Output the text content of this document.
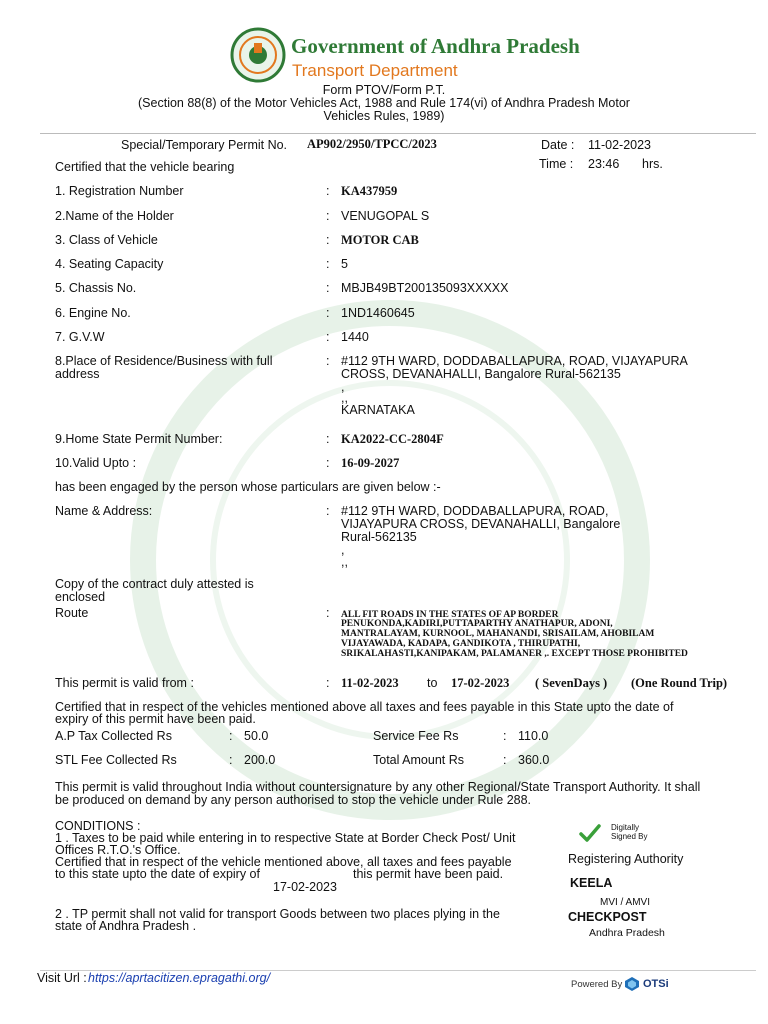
Government of Andhra Pradesh
Transport Department
Form PTOV/Form P.T.
(Section 88(8) of the Motor Vehicles Act, 1988 and Rule 174(vi) of Andhra Pradesh Motor
Vehicles Rules, 1989)
Special/Temporary Permit No. AP902/2950/TPCC/2023	Date : 11-02-2023
Time : 23:46 hrs.
Certified that the vehicle bearing
1. Registration Number	: KA437959
2.Name of the Holder	: VENUGOPAL S
3. Class of Vehicle	: MOTOR CAB
4. Seating Capacity	: 5
5. Chassis No.	: MBJB49BT200135093XXXXX
6. Engine No.	: 1ND1460645
7. G.V.W	: 1440
8.Place of Residence/Business with full
address
: #112 9TH WARD, DODDABALLAPURA, ROAD, VIJAYAPURA
CROSS, DEVANAHALLI, Bangalore Rural-562135
,
,,
KARNATAKA
9.Home State Permit Number:	: KA2022-CC-2804F
10.Valid Upto :	: 16-09-2027
has been engaged by the person whose particulars are given below :-
Name & Address:	: #112 9TH WARD, DODDABALLAPURA, ROAD,
VIJAYAPURA CROSS, DEVANAHALLI, Bangalore
Rural-562135
,
,,
Copy of the contract duly attested is
enclosed
Route	: ALL FIT ROADS IN THE STATES OF AP BORDER
PENUKONDA,KADIRI,PUTTAPARTHY ANATHAPUR, ADONI,
MANTRALAYAM, KURNOOL, MAHANANDI, SRISAILAM, AHOBILAM
VIJAYAWADA, KADAPA, GANDIKOTA , THIRUPATHI,
SRIKALAHASTI,KANIPAKAM, PALAMANER ,. EXCEPT THOSE PROHIBITED
This permit is valid from :	: 11-02-2023 to 17-02-2023 ( SevenDays ) (One Round Trip)
Certified that in respect of the vehicles mentioned above all taxes and fees payable in this State upto the date of
expiry of this permit have been paid.
A.P Tax Collected Rs	: 50.0	Service Fee Rs	: 110.0
STL Fee Collected Rs	: 200.0	Total Amount Rs	: 360.0
This permit is valid throughout India without countersignature by any other Regional/State Transport Authority. It shall
be produced on demand by any person authorised to stop the vehicle under Rule 288.
CONDITIONS :
1 . Taxes to be paid while entering in to respective State at Border Check Post/ Unit
Offices R.T.O.'s Office.
Certified that in respect of the vehicle mentioned above, all taxes and fees payable
to this state upto the date of expiry of	this permit have been paid.
17-02-2023
2 . TP permit shall not valid for transport Goods between two places plying in the
state of Andhra Pradesh .
Digitally
Signed By
Registering Authority
KEELA
MVI / AMVI
CHECKPOST
Andhra Pradesh
Visit Url : https://aprtacitizen.epragathi.org/	Powered By OTSi
